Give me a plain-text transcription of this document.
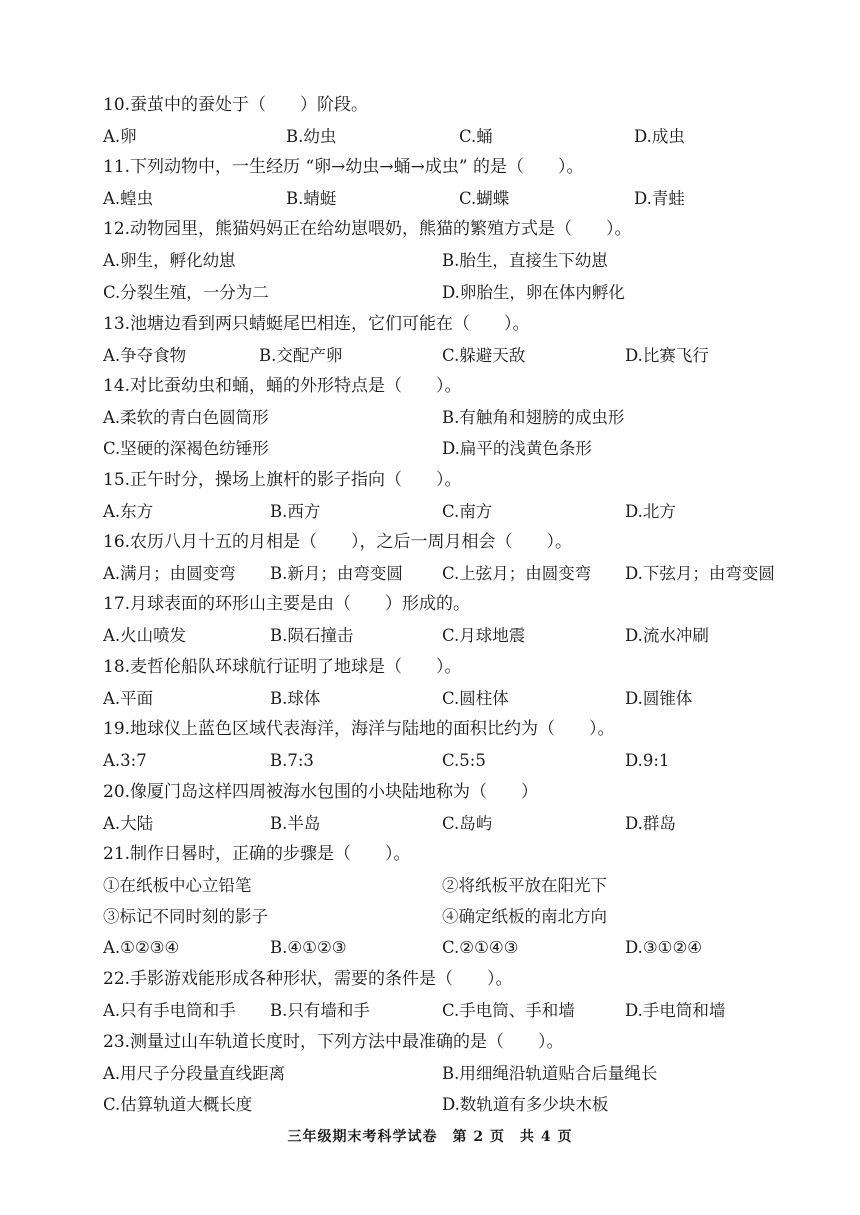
10.蚕茧中的蚕处于（　　）阶段。
A.卵	B.幼虫	C.蛹	D.成虫
11.下列动物中，一生经历 “卵→幼虫→蛹→成虫” 的是（　　）。
A.蝗虫	B.蜻蜓	C.蝴蝶	D.青蛙
12.动物园里，熊猫妈妈正在给幼崽喂奶，熊猫的繁殖方式是（　　）。
A.卵生，孵化幼崽	B.胎生，直接生下幼崽
C.分裂生殖，一分为二	D.卵胎生，卵在体内孵化
13.池塘边看到两只蜻蜓尾巴相连，它们可能在（　　）。
A.争夺食物	B.交配产卵	C.躲避天敌	D.比赛飞行
14.对比蚕幼虫和蛹，蛹的外形特点是（　　）。
A.柔软的青白色圆筒形	B.有触角和翅膀的成虫形
C.坚硬的深褐色纺锤形	D.扁平的浅黄色条形
15.正午时分，操场上旗杆的影子指向（　　）。
A.东方	B.西方	C.南方	D.北方
16.农历八月十五的月相是（　　），之后一周月相会（　　）。
A.满月；由圆变弯 B.新月；由弯变圆 C.上弦月；由圆变弯 D.下弦月；由弯变圆
17.月球表面的环形山主要是由（　　）形成的。
A.火山喷发	B.陨石撞击	C.月球地震	D.流水冲刷
18.麦哲伦船队环球航行证明了地球是（　　）。
A.平面	B.球体	C.圆柱体	D.圆锥体
19.地球仪上蓝色区域代表海洋，海洋与陆地的面积比约为（　　）。
A.3:7	B.7:3	C.5:5	D.9:1
20.像厦门岛这样四周被海水包围的小块陆地称为（　　）
A.大陆	B.半岛	C.岛屿	D.群岛
21.制作日晷时，正确的步骤是（　　）。
①在纸板中心立铅笔	②将纸板平放在阳光下
③标记不同时刻的影子	④确定纸板的南北方向
A.①②③④	B.④①②③	C.②①④③	D.③①②④
22.手影游戏能形成各种形状，需要的条件是（　　）。
A.只有手电筒和手 B.只有墙和手	C.手电筒、手和墙	D.手电筒和墙
23.测量过山车轨道长度时，下列方法中最准确的是（　　）。
A.用尺子分段量直线距离	B.用细绳沿轨道贴合后量绳长
C.估算轨道大概长度	D.数轨道有多少块木板
三年级期末考科学试卷　第 2 页　共 4 页
